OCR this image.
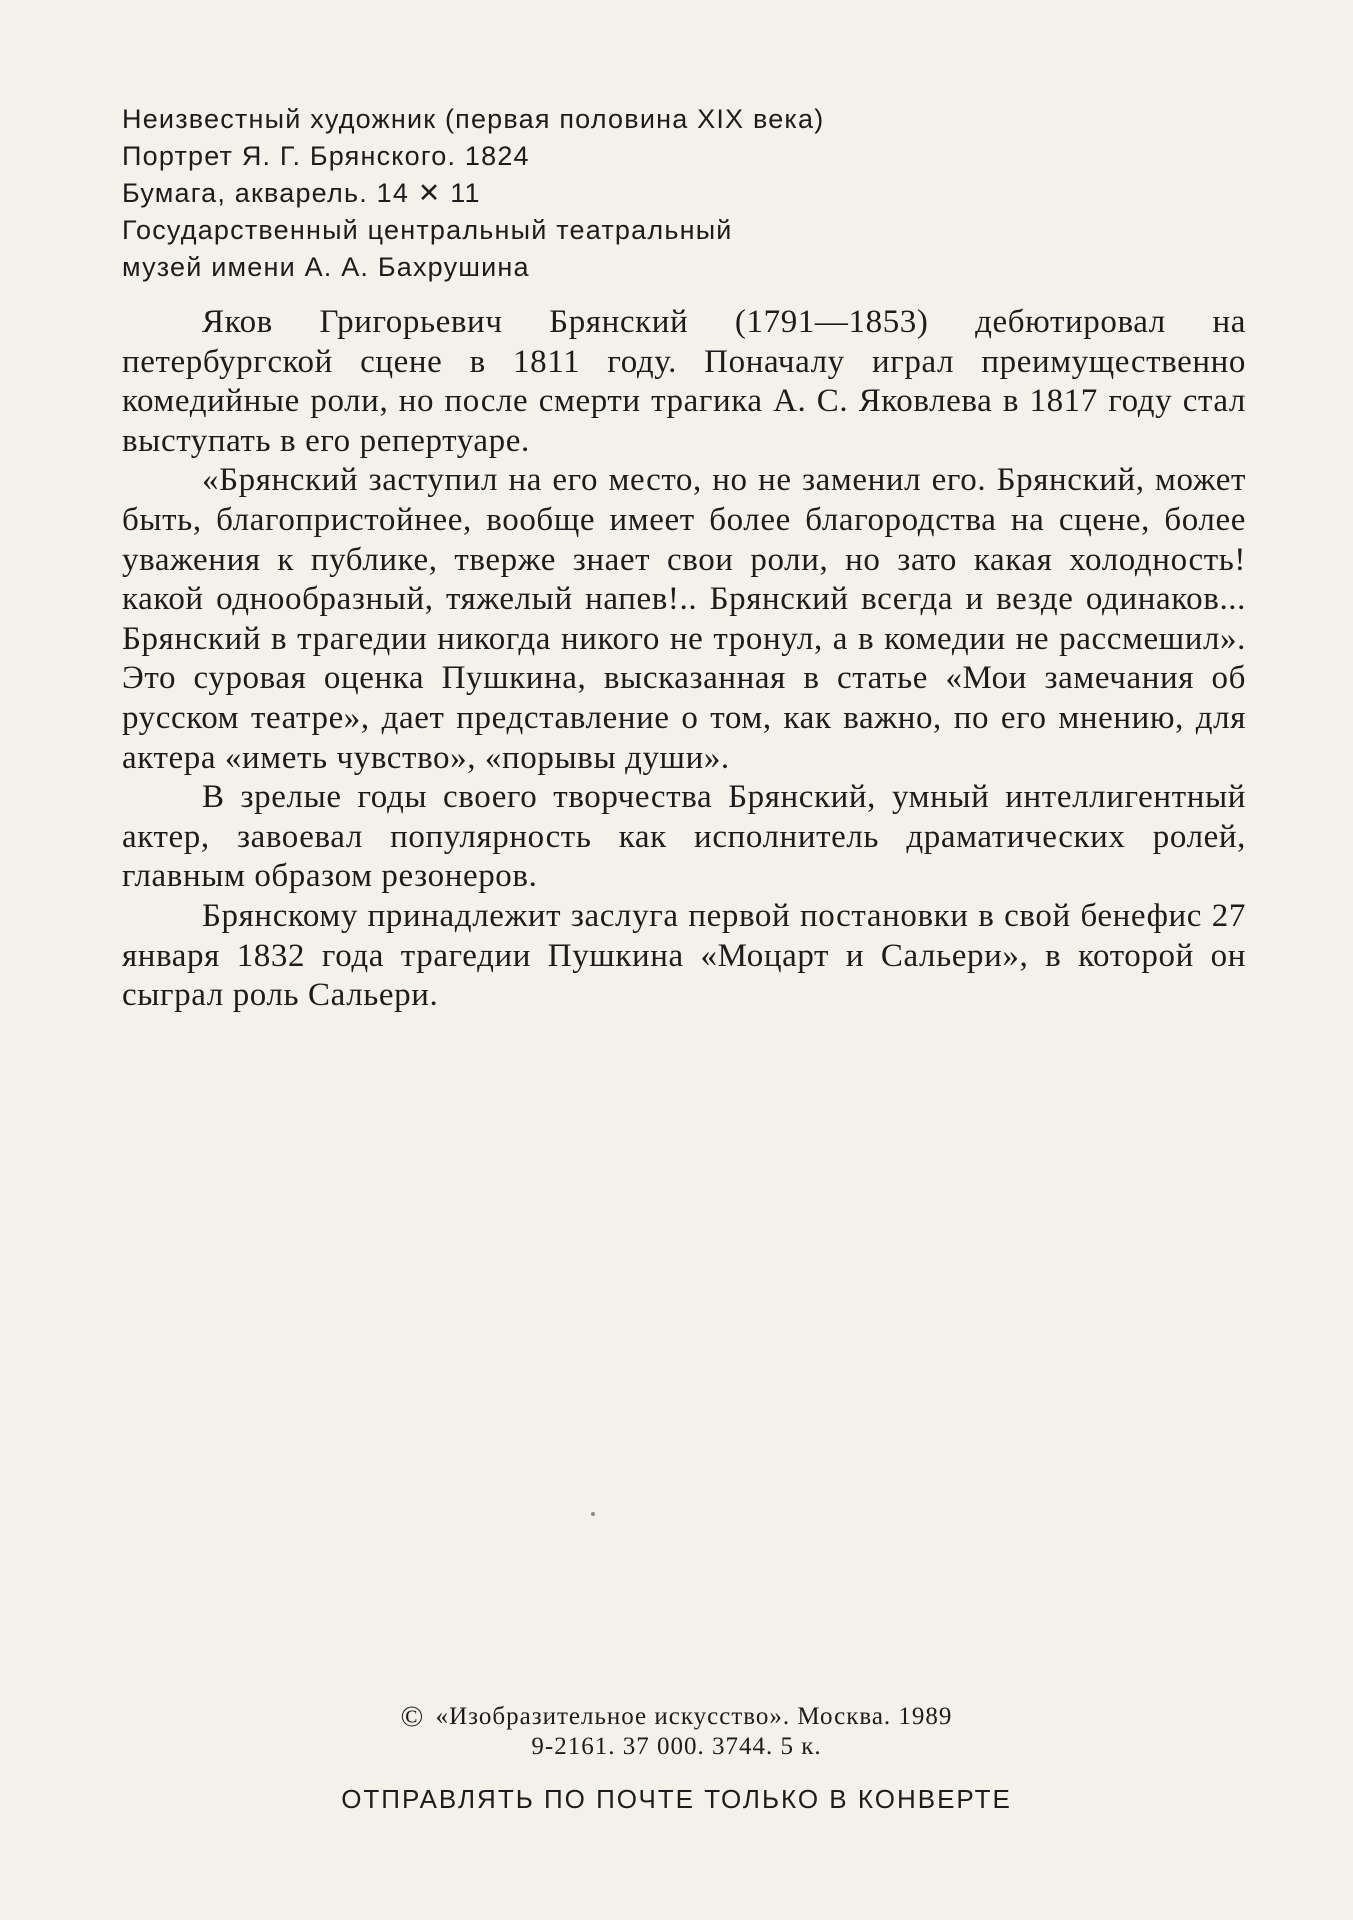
Неизвестный художник (первая половина XIX века)
Портрет Я. Г. Брянского. 1824
Бумага, акварель. 14 ✕ 11
Государственный центральный театральный
музей имени А. А. Бахрушина

Яков Григорьевич Брянский (1791—1853) дебютировал на петербургской сцене в 1811 году. Поначалу играл преимущественно комедийные роли, но после смерти трагика А. С. Яковлева в 1817 году стал выступать в его репертуаре.

«Брянский заступил на его место, но не заменил его. Брянский, может быть, благопристойнее, вообще имеет более благородства на сцене, более уважения к публике, тверже знает свои роли, но зато какая холодность! какой однообразный, тяжелый напев!.. Брянский всегда и везде одинаков... Брянский в трагедии никогда никого не тронул, а в комедии не рассмешил». Это суровая оценка Пушкина, высказанная в статье «Мои замечания об русском театре», дает представление о том, как важно, по его мнению, для актера «иметь чувство», «порывы души».

В зрелые годы своего творчества Брянский, умный интеллигентный актер, завоевал популярность как исполнитель драматических ролей, главным образом резонеров.

Брянскому принадлежит заслуга первой постановки в свой бенефис 27 января 1832 года трагедии Пушкина «Моцарт и Сальери», в которой он сыграл роль Сальери.

© «Изобразительное искусство». Москва. 1989
9-2161. 37 000. 3744. 5 к.
ОТПРАВЛЯТЬ ПО ПОЧТЕ ТОЛЬКО В КОНВЕРТЕ
